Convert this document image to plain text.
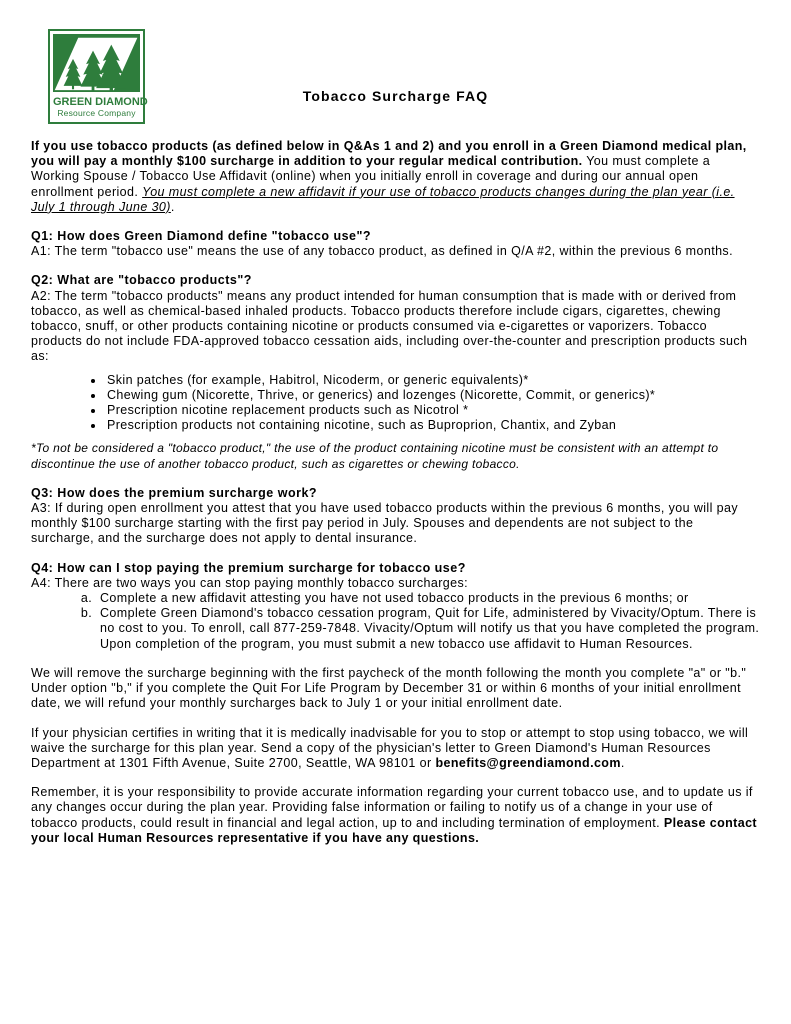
GREEN DIAMOND
Resource Company
Tobacco Surcharge FAQ

If you use tobacco products (as defined below in Q&As 1 and 2) and you enroll in a Green Diamond medical plan, you will pay a monthly $100 surcharge in addition to your regular medical contribution. You must complete a Working Spouse / Tobacco Use Affidavit (online) when you initially enroll in coverage and during our annual open enrollment period. You must complete a new affidavit if your use of tobacco products changes during the plan year (i.e. July 1 through June 30).

Q1: How does Green Diamond define "tobacco use"?

A1: The term "tobacco use" means the use of any tobacco product, as defined in Q/A #2, within the previous 6 months.

Q2: What are "tobacco products"?

A2: The term "tobacco products" means any product intended for human consumption that is made with or derived from tobacco, as well as chemical-based inhaled products. Tobacco products therefore include cigars, cigarettes, chewing tobacco, snuff, or other products containing nicotine or products consumed via e-cigarettes or vaporizers. Tobacco products do not include FDA-approved tobacco cessation aids, including over-the-counter and prescription products such as:

• Skin patches (for example, Habitrol, Nicoderm, or generic equivalents)*
• Chewing gum (Nicorette, Thrive, or generics) and lozenges (Nicorette, Commit, or generics)*
• Prescription nicotine replacement products such as Nicotrol *
• Prescription products not containing nicotine, such as Buproprion, Chantix, and Zyban

*To not be considered a "tobacco product," the use of the product containing nicotine must be consistent with an attempt to discontinue the use of another tobacco product, such as cigarettes or chewing tobacco.

Q3: How does the premium surcharge work?

A3: If during open enrollment you attest that you have used tobacco products within the previous 6 months, you will pay monthly $100 surcharge starting with the first pay period in July. Spouses and dependents are not subject to the surcharge, and the surcharge does not apply to dental insurance.

Q4: How can I stop paying the premium surcharge for tobacco use?

A4: There are two ways you can stop paying monthly tobacco surcharges:

a. Complete a new affidavit attesting you have not used tobacco products in the previous 6 months; or
b. Complete Green Diamond's tobacco cessation program, Quit for Life, administered by Vivacity/Optum. There is no cost to you. To enroll, call 877-259-7848. Vivacity/Optum will notify us that you have completed the program. Upon completion of the program, you must submit a new tobacco use affidavit to Human Resources.

We will remove the surcharge beginning with the first paycheck of the month following the month you complete "a" or "b." Under option "b," if you complete the Quit For Life Program by December 31 or within 6 months of your initial enrollment date, we will refund your monthly surcharges back to July 1 or your initial enrollment date.

If your physician certifies in writing that it is medically inadvisable for you to stop or attempt to stop using tobacco, we will waive the surcharge for this plan year. Send a copy of the physician's letter to Green Diamond's Human Resources Department at 1301 Fifth Avenue, Suite 2700, Seattle, WA 98101 or benefits@greendiamond.com.

Remember, it is your responsibility to provide accurate information regarding your current tobacco use, and to update us if any changes occur during the plan year. Providing false information or failing to notify us of a change in your use of tobacco products, could result in financial and legal action, up to and including termination of employment. Please contact your local Human Resources representative if you have any questions.
